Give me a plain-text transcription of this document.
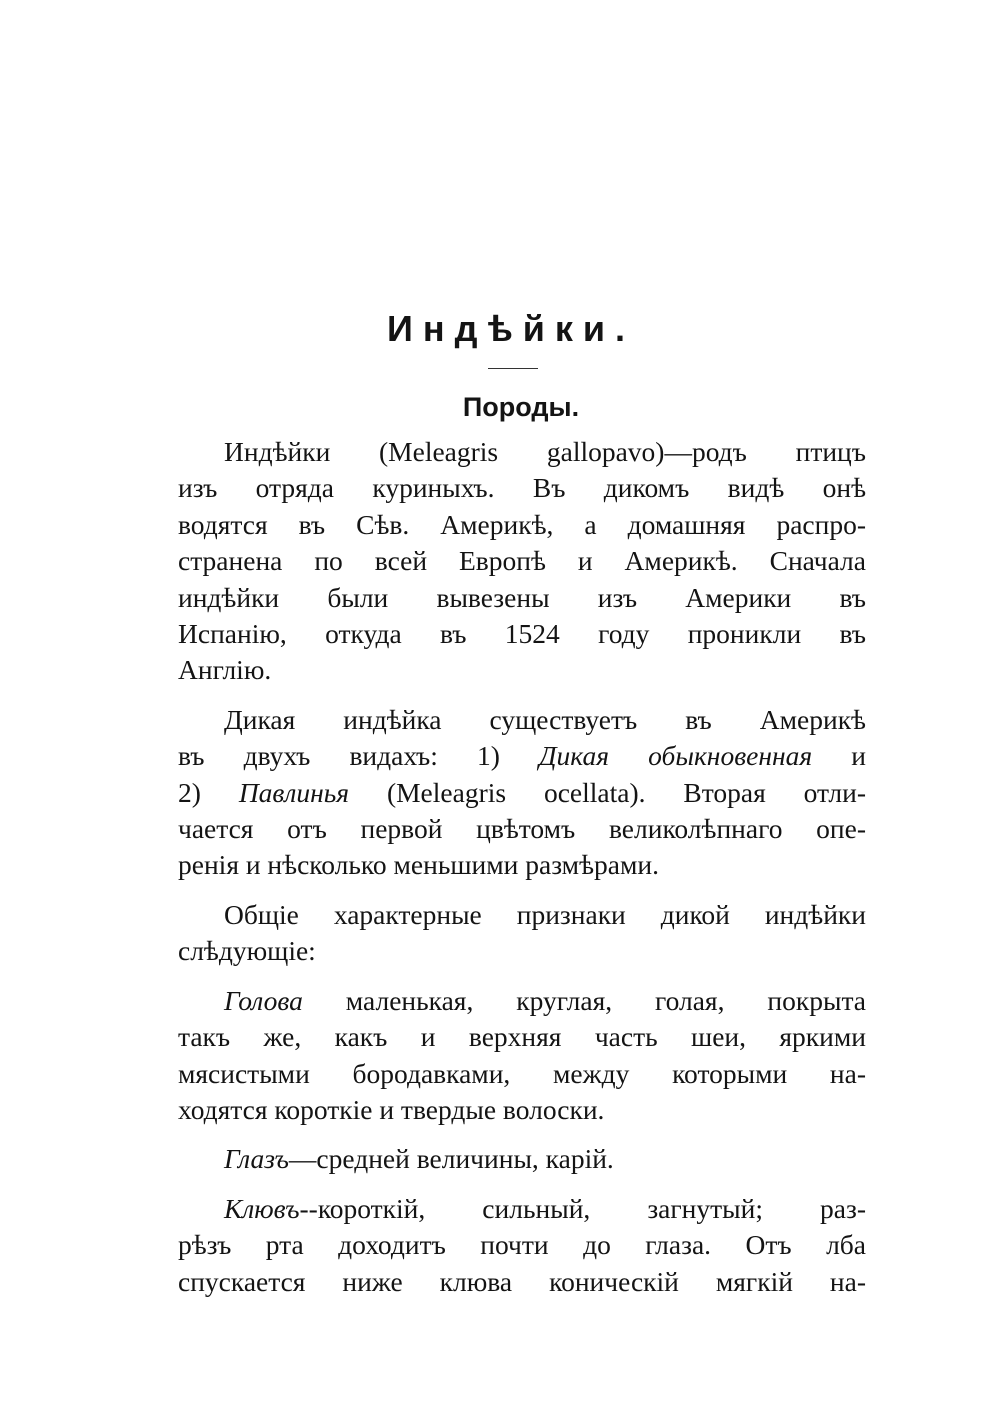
Индѣйки.
Породы.
Индѣйки (Meleagris gallopavo)—родъ птицъ
изъ отряда куриныхъ. Въ дикомъ видѣ онѣ
водятся въ Сѣв. Америкѣ, а домашняя распро-
странена по всей Европѣ и Америкѣ. Сначала
индѣйки были вывезены изъ Америки въ
Испанію, откуда въ 1524 году проникли въ
Англію.
Дикая индѣйка существуетъ въ Америкѣ
въ двухъ видахъ: 1) Дикая обыкновенная и
2) Павлинья (Meleagris ocellata). Вторая отли-
чается отъ первой цвѣтомъ великолѣпнаго опе-
ренія и нѣсколько меньшими размѣрами.
Общіе характерные признаки дикой индѣйки
слѣдующіе:
Голова маленькая, круглая, голая, покрыта
такъ же, какъ и верхняя часть шеи, яркими
мясистыми бородавками, между которыми на-
ходятся короткіе и твердые волоски.
Глазъ—средней величины, карій.
Клювъ--короткій, сильный, загнутый; раз-
рѣзъ рта доходитъ почти до глаза. Отъ лба
спускается ниже клюва коническій мягкій на-
